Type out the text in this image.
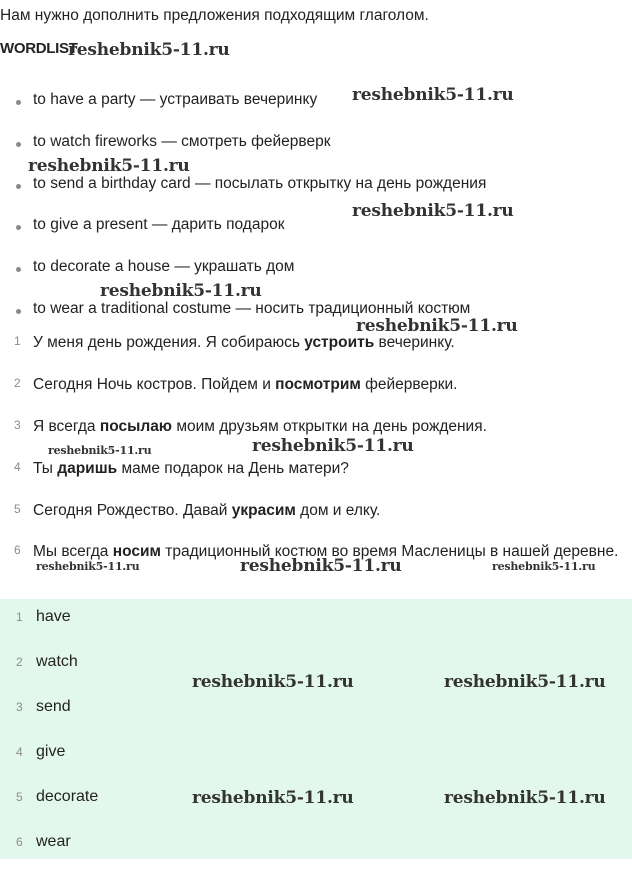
Нам нужно дополнить предложения подходящим глаголом.
WORDLIST
to have a party — устраивать вечеринку
to watch fireworks — смотреть фейерверк
to send a birthday card — посылать открытку на день рождения
to give a present — дарить подарок
to decorate a house — украшать дом
to wear a traditional costume — носить традиционный костюм
1 У меня день рождения. Я собираюсь устроить вечеринку.
2 Сегодня Ночь костров. Пойдем и посмотрим фейерверки.
3 Я всегда посылаю моим друзьям открытки на день рождения.
4 Ты даришь маме подарок на День матери?
5 Сегодня Рождество. Давай украсим дом и елку.
6 Мы всегда носим традиционный костюм во время Масленицы в нашей деревне.
1 have
2 watch
3 send
4 give
5 decorate
6 wear
reshebnik5-11.ru
reshebnik5-11.ru
reshebnik5-11.ru
reshebnik5-11.ru
reshebnik5-11.ru
reshebnik5-11.ru
reshebnik5-11.ru	reshebnik5-11.ru
reshebnik5-11.ru	reshebnik5-11.ru	reshebnik5-11.ru
reshebnik5-11.ru	reshebnik5-11.ru
reshebnik5-11.ru	reshebnik5-11.ru
